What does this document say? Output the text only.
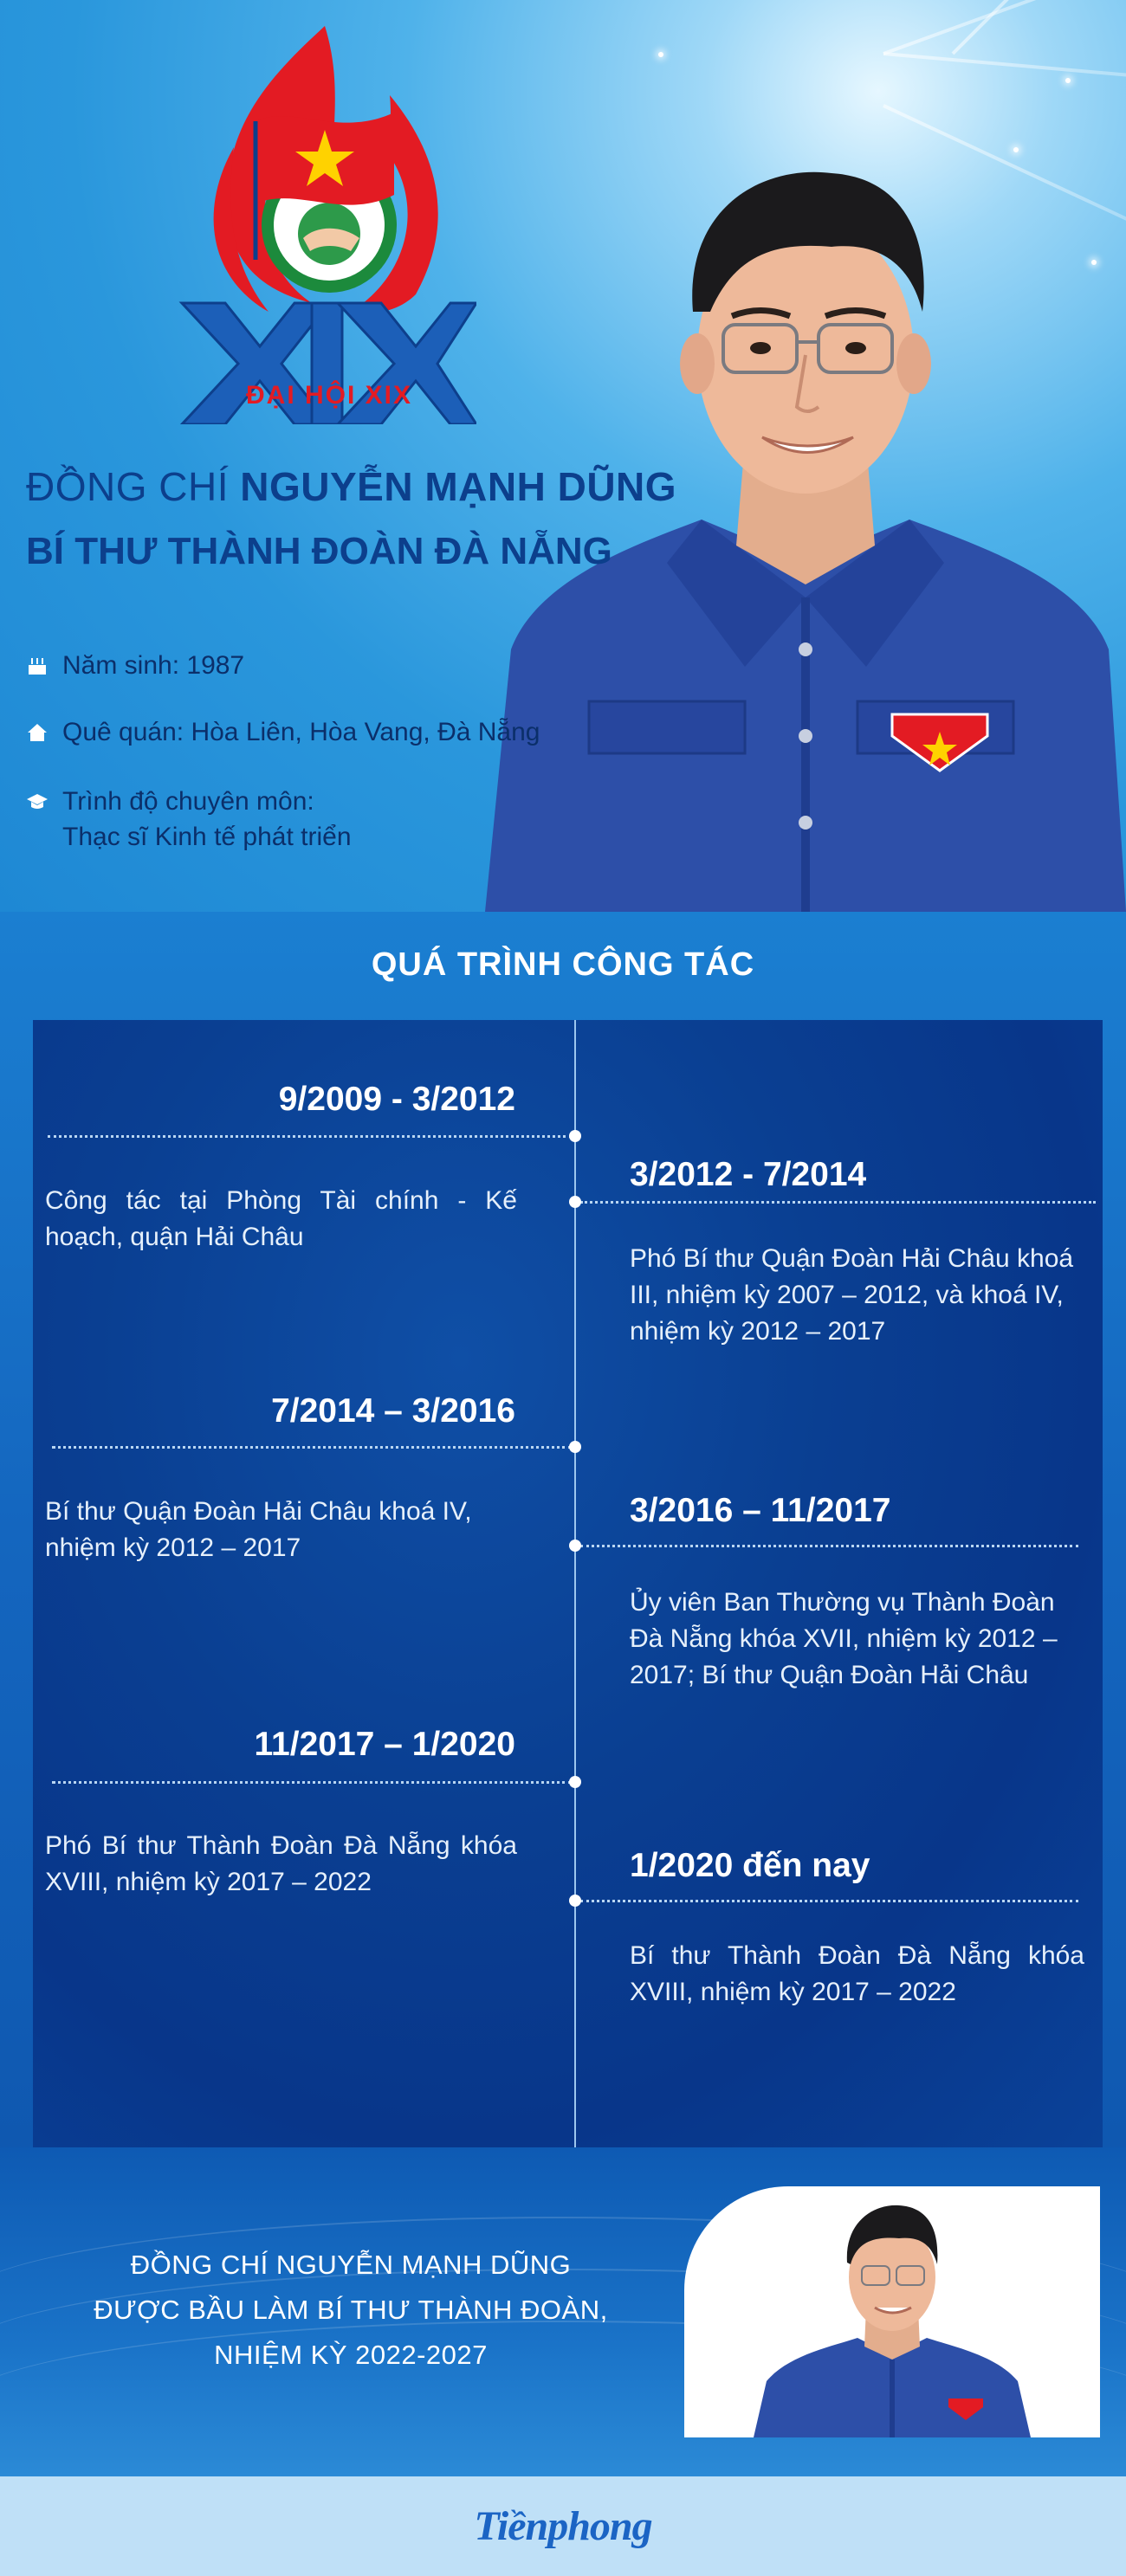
ĐẠI HỘI XIX
ĐỒNG CHÍ NGUYỄN MẠNH DŨNG
BÍ THƯ THÀNH ĐOÀN ĐÀ NẴNG
Năm sinh: 1987
Quê quán: Hòa Liên, Hòa Vang, Đà Nẵng
Trình độ chuyên môn:
Thạc sĩ Kinh tế phát triển
QUÁ TRÌNH CÔNG TÁC
9/2009 - 3/2012
Công tác tại Phòng Tài chính - Kế hoạch, quận Hải Châu
3/2012 - 7/2014
Phó Bí thư Quận Đoàn Hải Châu khoá III, nhiệm kỳ 2007 – 2012, và khoá IV, nhiệm kỳ 2012 – 2017
7/2014 – 3/2016
Bí thư Quận Đoàn Hải Châu khoá IV, nhiệm kỳ 2012 – 2017
3/2016 – 11/2017
Ủy viên Ban Thường vụ Thành Đoàn Đà Nẵng khóa XVII, nhiệm kỳ 2012 – 2017; Bí thư Quận Đoàn Hải Châu
11/2017 – 1/2020
Phó Bí thư Thành Đoàn Đà Nẵng khóa XVIII, nhiệm kỳ 2017 – 2022	1/2020 đến nay
Bí thư Thành Đoàn Đà Nẵng khóa XVIII, nhiệm kỳ 2017 – 2022
ĐỒNG CHÍ NGUYỄN MẠNH DŨNG
ĐƯỢC BẦU LÀM BÍ THƯ THÀNH ĐOÀN,
NHIỆM KỲ 2022-2027
Tiềnphong
